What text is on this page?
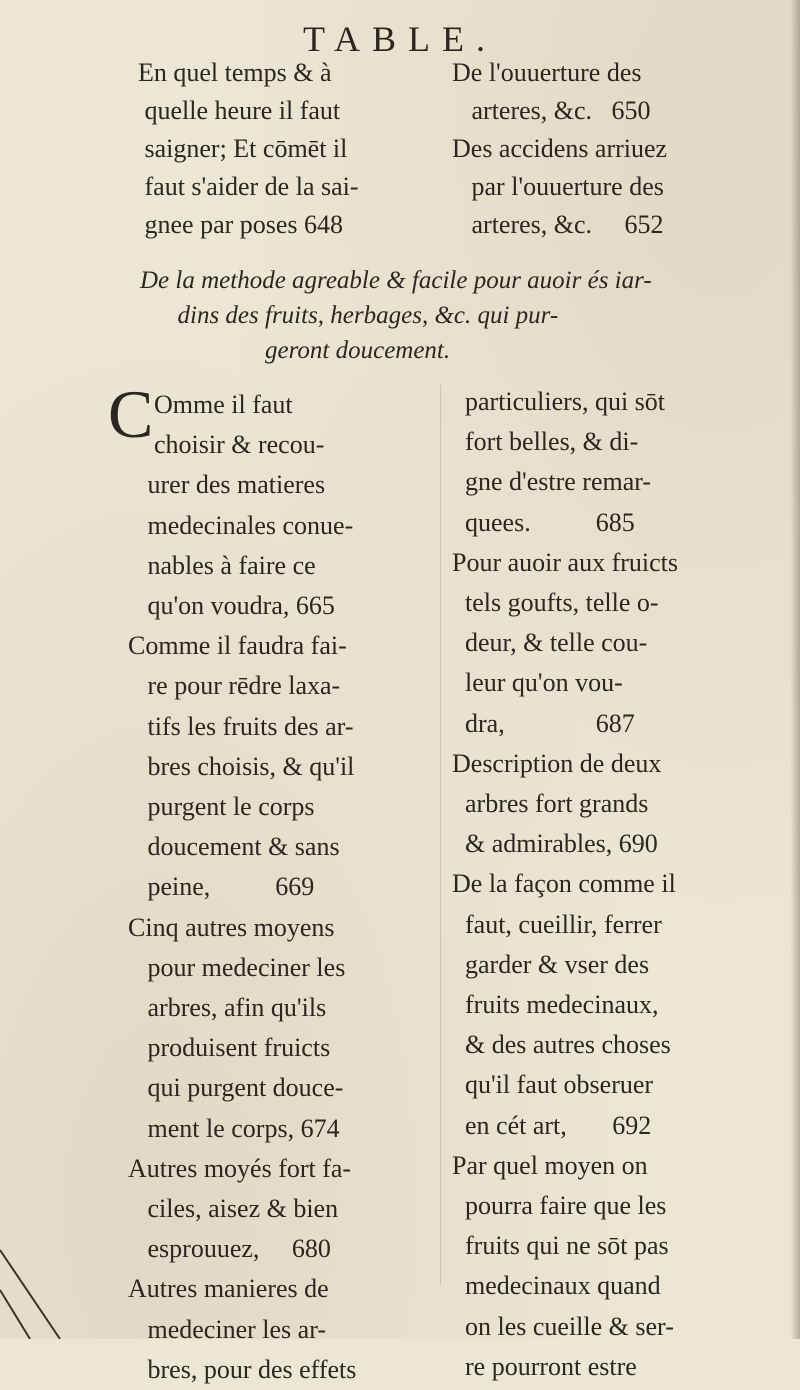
TABLE.
En quel temps & à
quelle heure il faut
saigner; Et cōmēt il
faut s'aider de la sai-
gnee par poses 648
De l'ouuerture des
arteres, &c.   650
Des accidens arriuez
par l'ouuerture des
arteres, &c.     652
De la methode agreable & facile pour auoir és iar-
dins des fruits, herbages, &c. qui pur-
geront doucement.
C Omme il faut
choisir & recou-
urer des matieres
medecinales conue-
nables à faire ce
qu'on voudra, 665
Comme il faudra fai-
re pour rēdre laxa-
tifs les fruits des ar-
bres choisis, & qu'il
purgent le corps
doucement & sans
peine,          669
Cinq autres moyens
pour medeciner les
arbres, afin qu'ils
produisent fruicts
qui purgent douce-
ment le corps, 674
Autres moyés fort fa-
ciles, aisez & bien
esprouuez,     680
Autres manieres de
medeciner les ar-
bres, pour des effets
particuliers, qui sōt
fort belles, & di-
gne d'estre remar-
quees.          685
Pour auoir aux fruicts
tels goufts, telle o-
deur, & telle cou-
leur qu'on vou-
dra,              687
Description de deux
arbres fort grands
& admirables, 690
De la façon comme il
faut, cueillir, ferrer
garder & vser des
fruits medecinaux,
& des autres choses
qu'il faut obseruer
en cét art,       692
Par quel moyen on
pourra faire que les
fruits qui ne sōt pas
medecinaux quand
on les cueille & ser-
re pourront estre
